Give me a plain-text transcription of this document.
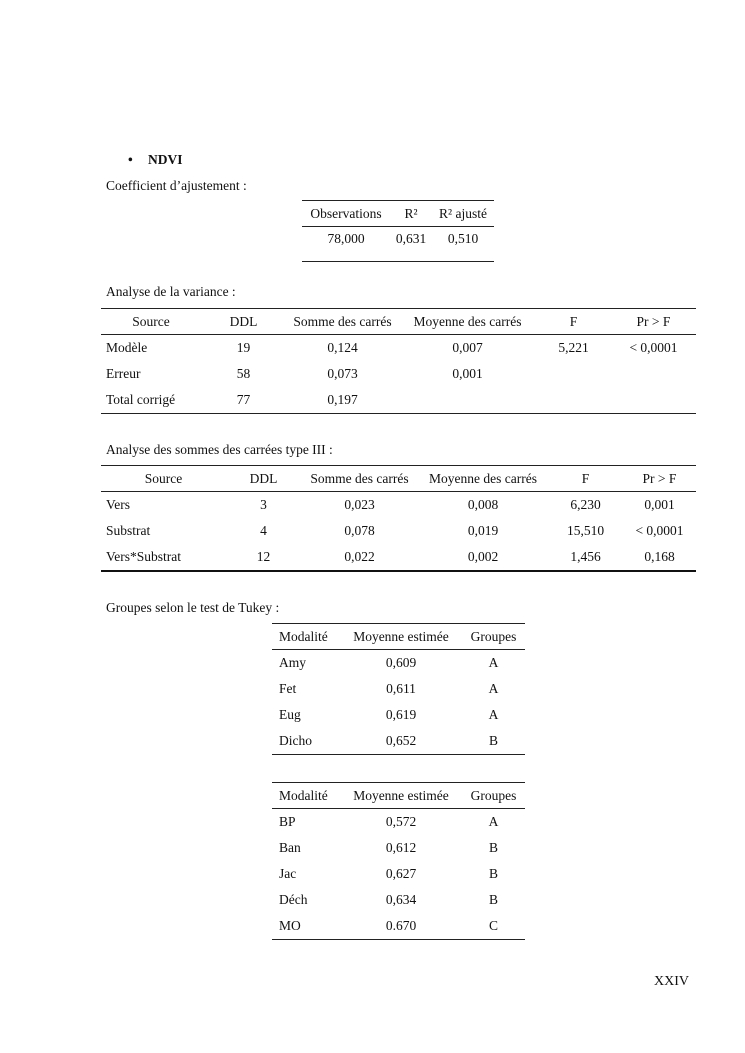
• NDVI
Coefficient d’ajustement :
Observations	R²	R² ajusté
78,000	0,631	0,510
Analyse de la variance :
Source	DDL	Somme des carrés	Moyenne des carrés	F	Pr > F
Modèle	19	0,124	0,007	5,221	< 0,0001
Erreur	58	0,073	0,001		
Total corrigé	77	0,197			
Analyse des sommes des carrées type III :
Source	DDL	Somme des carrés	Moyenne des carrés	F	Pr > F
Vers	3	0,023	0,008	6,230	0,001
Substrat	4	0,078	0,019	15,510	< 0,0001
Vers*Substrat	12	0,022	0,002	1,456	0,168
Groupes selon le test de Tukey :
Modalité	Moyenne estimée	Groupes
Amy	0,609	A
Fet	0,611	A
Eug	0,619	A
Dicho	0,652	B
Modalité	Moyenne estimée	Groupes
BP	0,572	A
Ban	0,612	B
Jac	0,627	B
Déch	0,634	B
MO	0.670	C
XXIV
